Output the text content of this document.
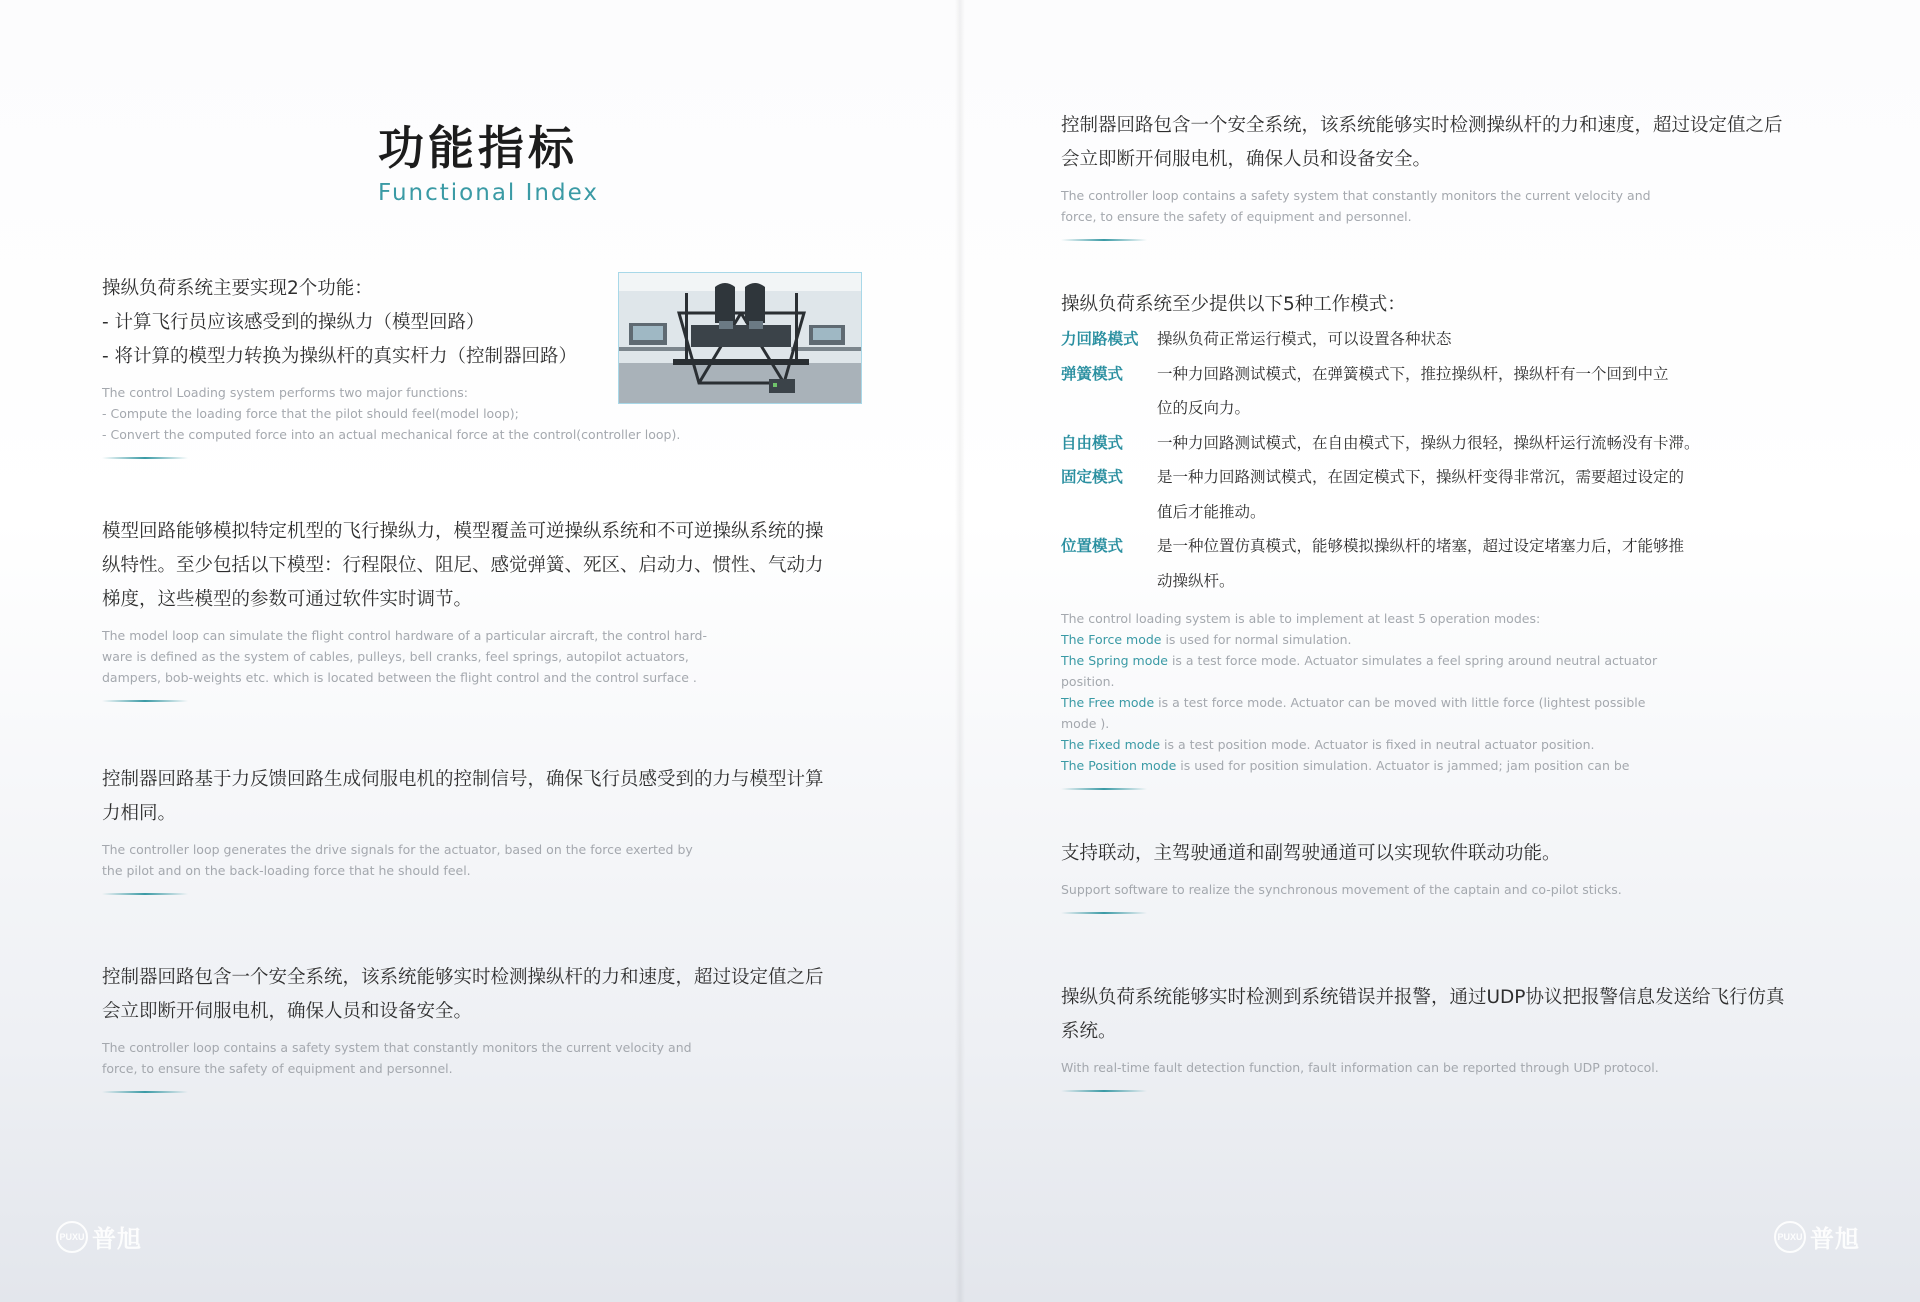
功能指标
Functional Index

操纵负荷系统主要实现2个功能：

- 计算飞行员应该感受到的操纵力（模型回路）

- 将计算的模型力转换为操纵杆的真实杆力（控制器回路）

The control Loading system performs two major functions:

- Compute the loading force that the pilot should feel(model loop);

- Convert the computed force into an actual mechanical force at the control(controller loop).

模型回路能够模拟特定机型的飞行操纵力，模型覆盖可逆操纵系统和不可逆操纵系统的操

纵特性。至少包括以下模型：行程限位、阻尼、感觉弹簧、死区、启动力、惯性、气动力

梯度，这些模型的参数可通过软件实时调节。

The model loop can simulate the flight control hardware of a particular aircraft, the control hard-

ware is defined as the system of cables, pulleys, bell cranks, feel springs, autopilot actuators,

dampers, bob-weights etc. which is located between the flight control and the control surface .

控制器回路基于力反馈回路生成伺服电机的控制信号，确保飞行员感受到的力与模型计算

力相同。

The controller loop generates the drive signals for the actuator, based on the force exerted by

the pilot and on the back-loading force that he should feel.

控制器回路包含一个安全系统，该系统能够实时检测操纵杆的力和速度，超过设定值之后

会立即断开伺服电机，确保人员和设备安全。

The controller loop contains a safety system that constantly monitors the current velocity and

force, to ensure the safety of equipment and personnel.

PUXU 普旭

控制器回路包含一个安全系统，该系统能够实时检测操纵杆的力和速度，超过设定值之后

会立即断开伺服电机，确保人员和设备安全。

The controller loop contains a safety system that constantly monitors the current velocity and

force, to ensure the safety of equipment and personnel.

操纵负荷系统至少提供以下5种工作模式：

力回路模式	操纵负荷正常运行模式，可以设置各种状态
弹簧模式	一种力回路测试模式，在弹簧模式下，推拉操纵杆，操纵杆有一个回到中立
位的反向力。
自由模式	一种力回路测试模式，在自由模式下，操纵力很轻，操纵杆运行流畅没有卡滞。
固定模式	是一种力回路测试模式，在固定模式下，操纵杆变得非常沉，需要超过设定的
值后才能推动。
位置模式	是一种位置仿真模式，能够模拟操纵杆的堵塞，超过设定堵塞力后，才能够推
动操纵杆。

The control loading system is able to implement at least 5 operation modes:

The Force mode is used for normal simulation.

The Spring mode is a test force mode. Actuator simulates a feel spring around neutral actuator

position.

The Free mode is a test force mode. Actuator can be moved with little force (lightest possible

mode ).

The Fixed mode is a test position mode. Actuator is fixed in neutral actuator position.

The Position mode is used for position simulation. Actuator is jammed; jam position can be

支持联动，主驾驶通道和副驾驶通道可以实现软件联动功能。

Support software to realize the synchronous movement of the captain and co-pilot sticks.

操纵负荷系统能够实时检测到系统错误并报警，通过UDP协议把报警信息发送给飞行仿真

系统。

With real-time fault detection function, fault information can be reported through UDP protocol.

PUXU 普旭
